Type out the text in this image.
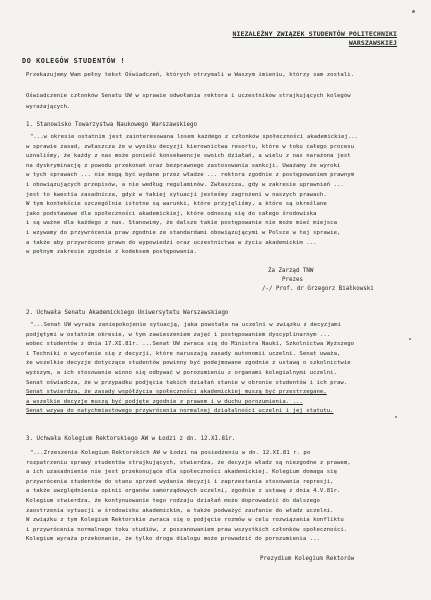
NIEZALEŻNY ZWIĄZEK STUDENTÓW POLITECHNIKI
WARSZAWSKIEJ
DO KOLEGÓW STUDENTÓW !
Przekazujemy Wam pełny tekst Oświadczeń, których otrzymali w Waszym imieniu, którzy sam zostali.
Oświadczenie członków Senatu UW w sprawie odwołania rektora i uczestników strajkujących kolegów
wyrażających.
1. Stanowisko Towarzystwa Naukowego Warszawskiego
"...w okresie ostatnim jest zainteresowana losem każdego z członków społeczności akademickiej...
w sprawie zasad, zwłaszcza że w wyniku decyzji kierownictwa resortu, które w toku całego procesu
uznaliśmy, że każdy z nas może ponieść konsekwencje swoich działań, a wielu z nas narażona jest
na dyskryminację z powodu przekonań oraz bezprawnego zastosowania sankcji. Uważamy że wyroki
w tych sprawach ... nie mogą być wydane przez władze ... rektora zgodnie z postępowaniem prawnym
i obowiązujących przepisów, a nie według regulaminów. Zwłaszcza, gdy w zakresie uprawnień ...
jest to kwestia zasadnicza, gdyż w takiej sytuacji jesteśmy zagrożeni w naszych prawach.
W tym kontekście szczególnie istotne są warunki, które przyjęliśmy, a które są określane
jako podstawowe dla społeczności akademickiej, które odnoszą się do całego środowiska
i są ważne dla każdego z nas. Stanowimy, że dalsze takie postępowanie nie może mieć miejsca
i wzywamy do przywrócenia praw zgodnie ze standardami obowiązującymi w Polsce w tej sprawie,
a także aby przywrócono prawo do wypowiedzi oraz uczestnictwa w życiu akademickim ...
w pełnym zakresie zgodnie z kodeksem postępowania.
Za Zarząd TNW
Prezes
/-/ Prof. dr Grzegorz Białkowski
2. Uchwała Senatu Akademickiego Uniwersytetu Warszawskiego
"...Senat UW wyraża zaniepokojenie sytuacją, jaka powstała na uczelni w związku z decyzjami
podjętymi w ostatnim okresie, w tym zawieszeniem zajęć i postępowaniem dyscyplinarnym ...
wobec studentów z dnia 17.XI.81r. ...Senat UW zwraca się do Ministra Nauki, Szkolnictwa Wyższego
i Techniki o wycofanie się z decyzji, które naruszają zasady autonomii uczelni. Senat uważa,
że wszelkie decyzje dotyczące studentów powinny być podejmowane zgodnie z ustawą o szkolnictwie
wyższym, a ich stosowanie winno się odbywać w porozumieniu z organami kolegialnymi uczelni.
Senat oświadcza, że w przypadku podjęcia takich działań stanie w obronie studentów i ich praw.
Senat stwierdza, że zasady współżycia społeczności akademickiej muszą być przestrzegane,
a wszelkie decyzje muszą być podjęte zgodnie z prawem i w duchu porozumienia. ...
Senat wzywa do natychmiastowego przywrócenia normalnej działalności uczelni i jej statutu.
3. Uchwała Kolegium Rektorskiego AW w Łodzi z dn. 12.XI.81r.
"...Zrzeszenie Kolegium Rektorskich AW w Łodzi na posiedzeniu w dn. 12.XI.81 r. po
rozpatrzeniu sprawy studentów strajkujących, stwierdza, że decyzje władz są niezgodne z prawem,
a ich uzasadnienie nie jest przekonujące dla społeczności akademickiej. Kolegium domaga się
przywrócenia studentów do stanu sprzed wydania decyzji i zaprzestania stosowania represji,
a także uwzględnienia opinii organów samorządowych uczelni, zgodnie z ustawą z dnia 4.V.81r.
Kolegium stwierdza, że kontynuowanie tego rodzaju działań może doprowadzić do dalszego
zaostrzenia sytuacji w środowisku akademickim, a także podważyć zaufanie do władz uczelni.
W związku z tym Kolegium Rektorskie zwraca się o podjęcie rozmów w celu rozwiązania konfliktu
i przywrócenia normalnego toku studiów, z poszanowaniem praw wszystkich członków społeczności.
Kolegium wyraża przekonanie, że tylko droga dialogu może prowadzić do porozumienia ...
Prezydium Kolegium Rektorów
